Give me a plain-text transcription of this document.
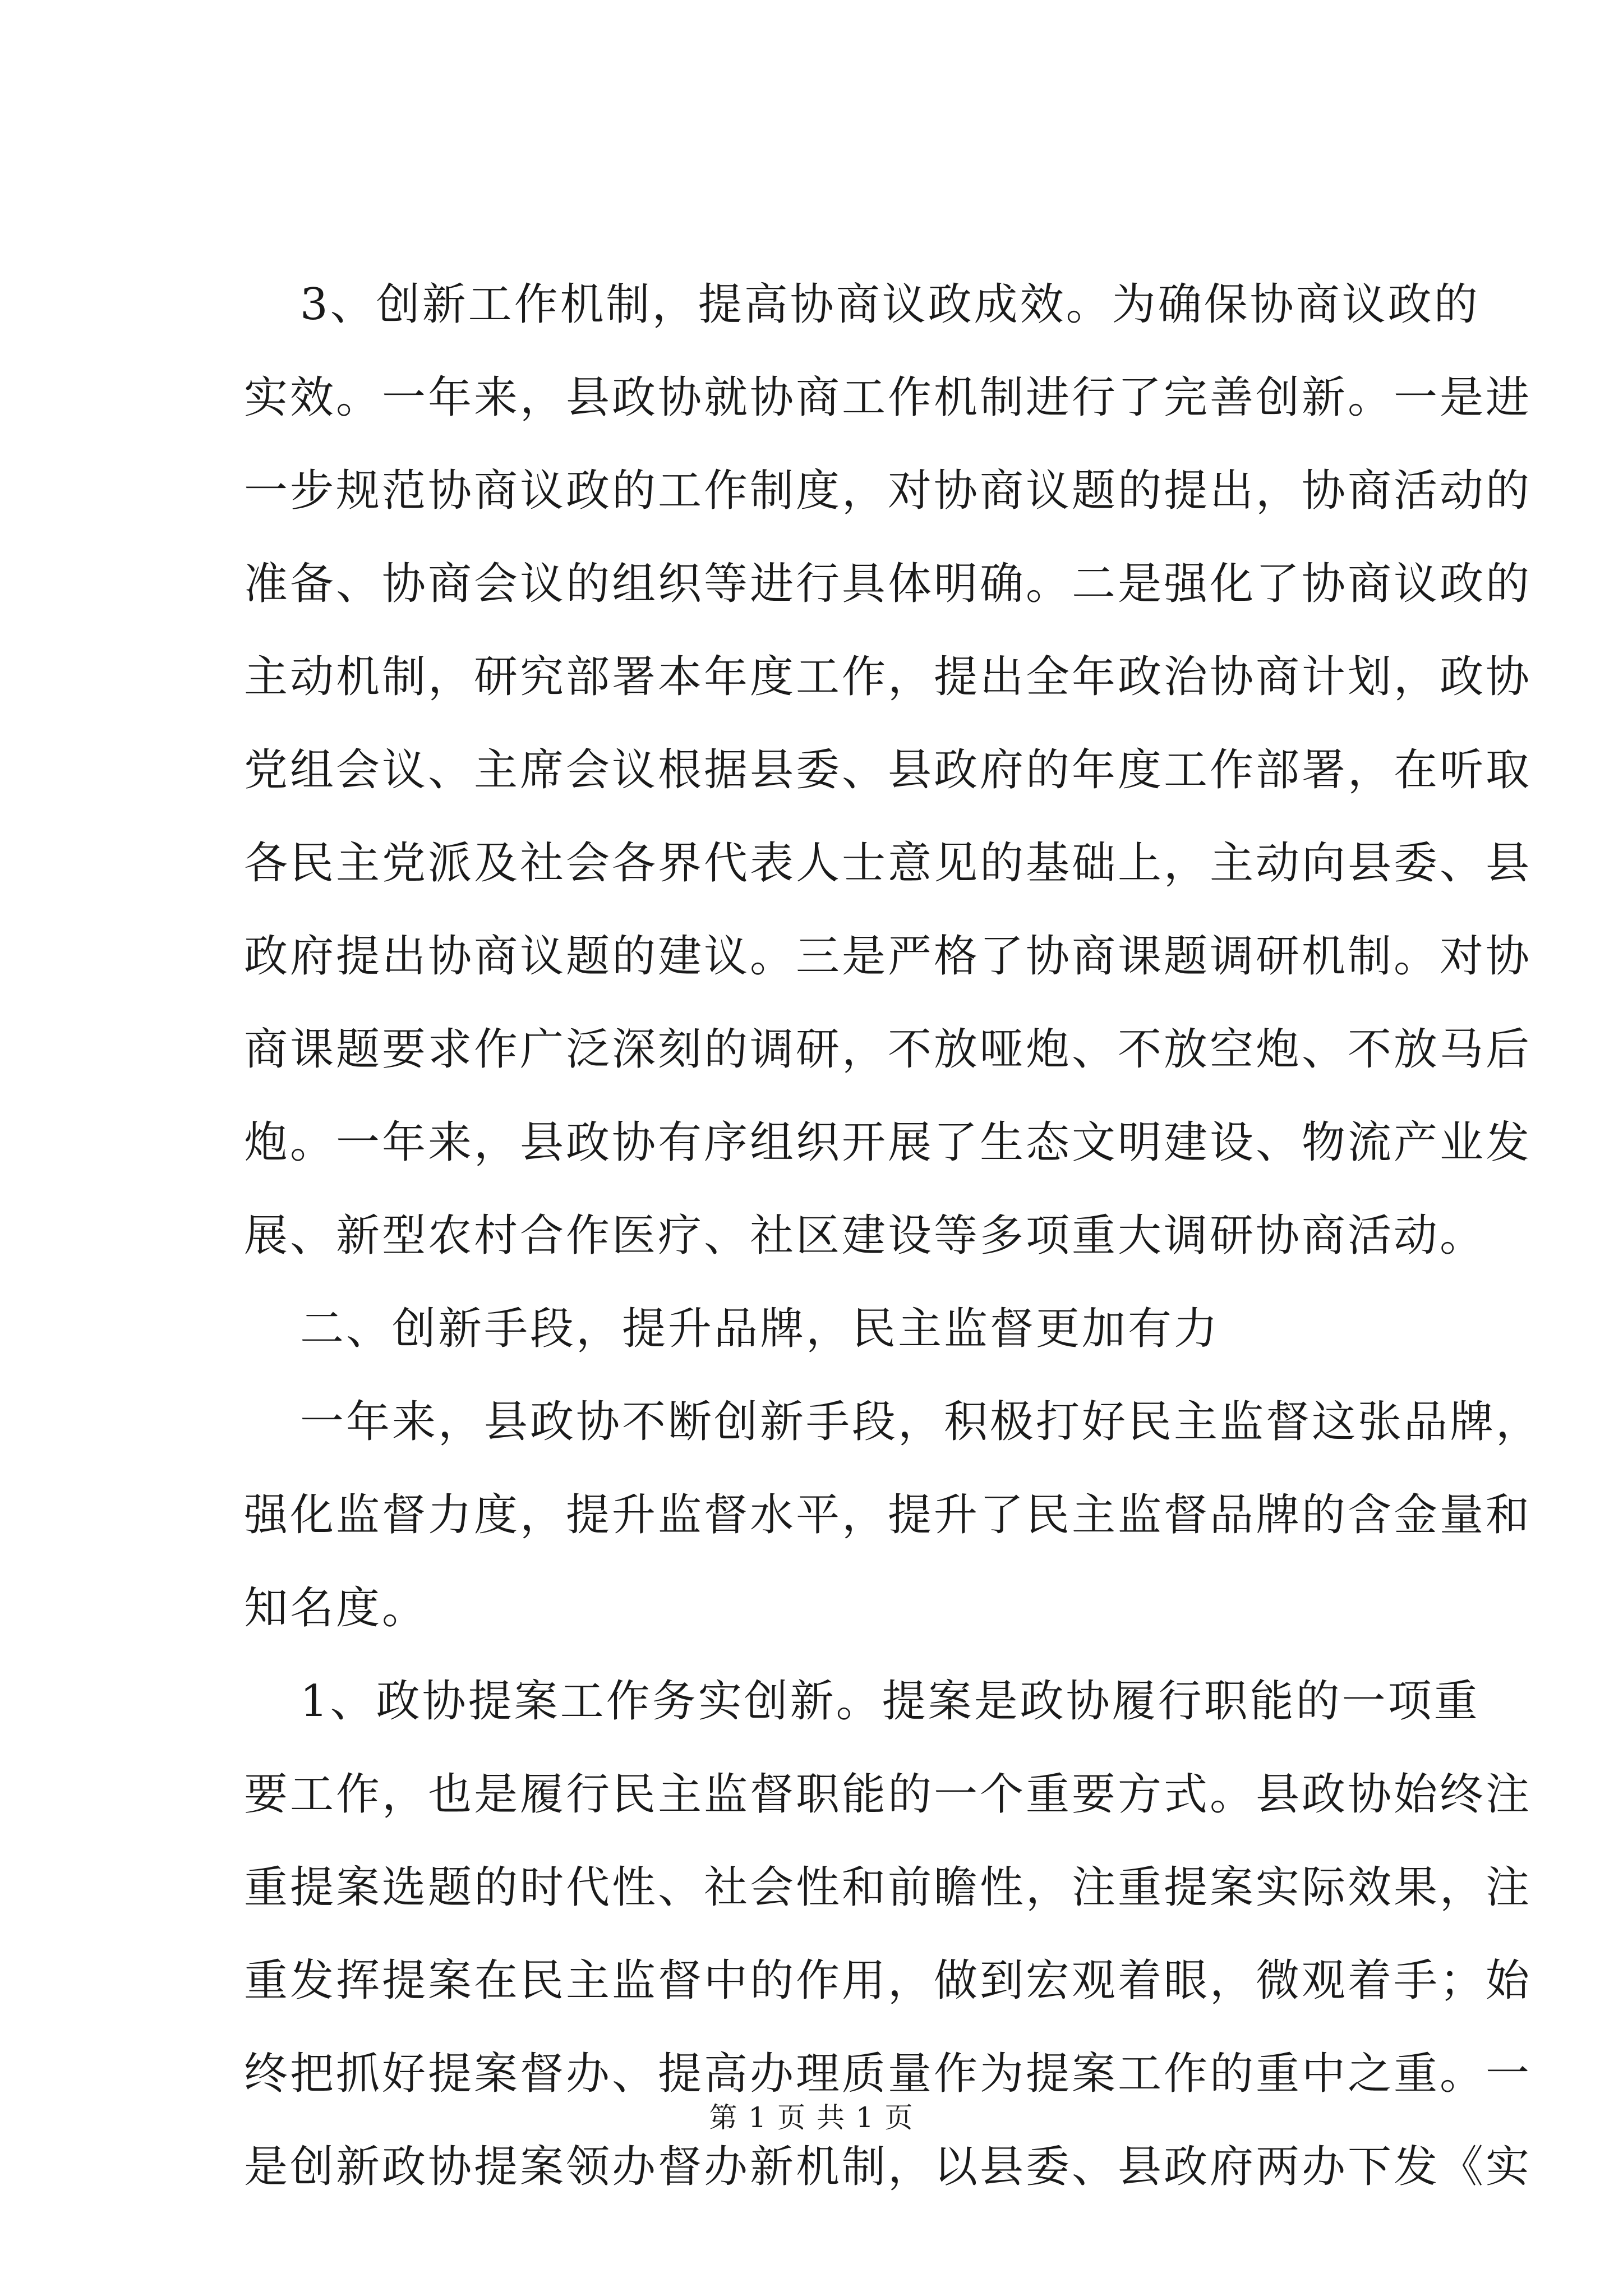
3、创新工作机制，提高协商议政成效。为确保协商议政的
实效。一年来，县政协就协商工作机制进行了完善创新。一是进
一步规范协商议政的工作制度，对协商议题的提出，协商活动的
准备、协商会议的组织等进行具体明确。二是强化了协商议政的
主动机制，研究部署本年度工作，提出全年政治协商计划，政协
党组会议、主席会议根据县委、县政府的年度工作部署，在听取
各民主党派及社会各界代表人士意见的基础上，主动向县委、县
政府提出协商议题的建议。三是严格了协商课题调研机制。对协
商课题要求作广泛深刻的调研，不放哑炮、不放空炮、不放马后
炮。一年来，县政协有序组织开展了生态文明建设、物流产业发
展、新型农村合作医疗、社区建设等多项重大调研协商活动。
二、创新手段，提升品牌，民主监督更加有力
一年来，县政协不断创新手段，积极打好民主监督这张品牌，
强化监督力度，提升监督水平，提升了民主监督品牌的含金量和
知名度。
1、政协提案工作务实创新。提案是政协履行职能的一项重
要工作，也是履行民主监督职能的一个重要方式。县政协始终注
重提案选题的时代性、社会性和前瞻性，注重提案实际效果，注
重发挥提案在民主监督中的作用，做到宏观着眼，微观着手；始
终把抓好提案督办、提高办理质量作为提案工作的重中之重。一
是创新政协提案领办督办新机制，以县委、县政府两办下发《实
第 1 页 共 1 页
